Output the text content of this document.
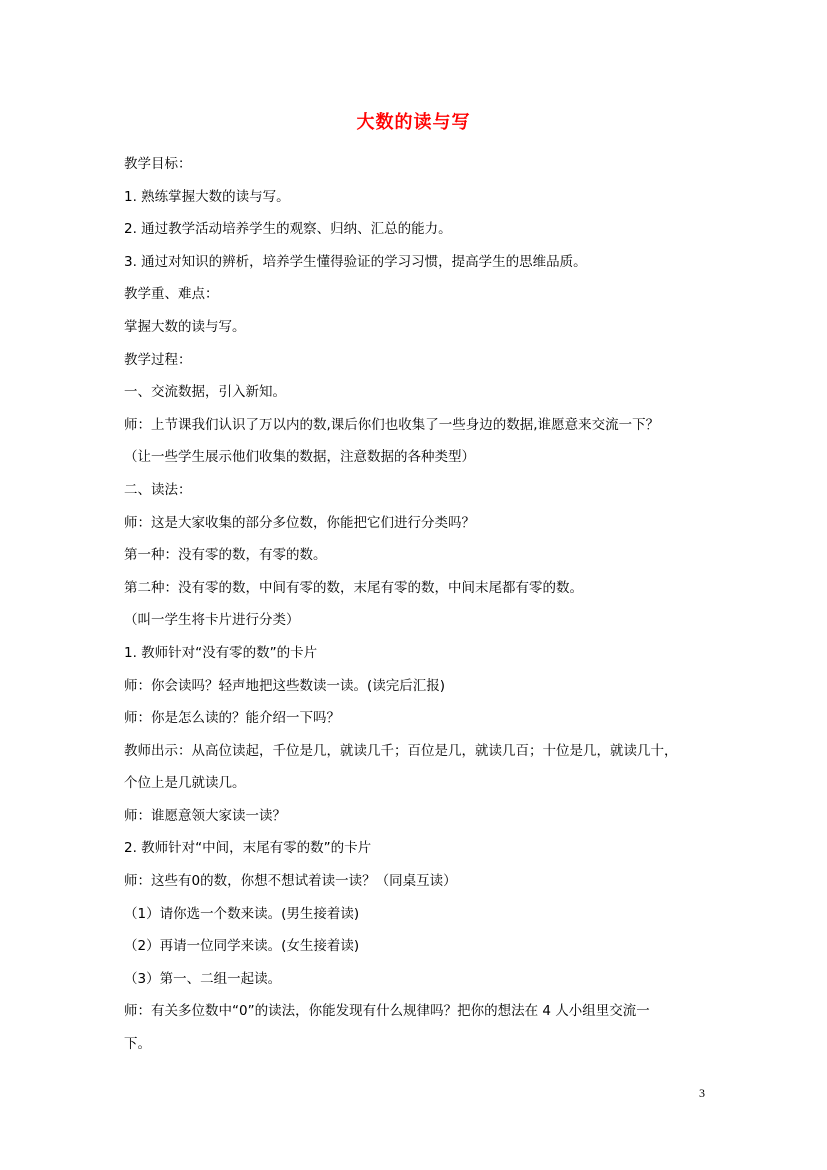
大数的读与写
教学目标：
1. 熟练掌握大数的读与写。
2. 通过教学活动培养学生的观察、归纳、汇总的能力。
3. 通过对知识的辨析，培养学生懂得验证的学习习惯，提高学生的思维品质。
教学重、难点：
掌握大数的读与写。
教学过程：
一、交流数据，引入新知。
师：上节课我们认识了万以内的数,课后你们也收集了一些身边的数据,谁愿意来交流一下？
（让一些学生展示他们收集的数据，注意数据的各种类型）
二、读法：
师：这是大家收集的部分多位数，你能把它们进行分类吗？
第一种：没有零的数，有零的数。
第二种：没有零的数，中间有零的数，末尾有零的数，中间末尾都有零的数。
（叫一学生将卡片进行分类）
1. 教师针对“没有零的数”的卡片
师：你会读吗？轻声地把这些数读一读。(读完后汇报)
师：你是怎么读的？能介绍一下吗？
教师出示：从高位读起，千位是几，就读几千；百位是几，就读几百；十位是几，就读几十，
个位上是几就读几。
师：谁愿意领大家读一读？
2. 教师针对“中间，末尾有零的数”的卡片
师：这些有0的数，你想不想试着读一读？（同桌互读）
（1）请你选一个数来读。(男生接着读)
（2）再请一位同学来读。(女生接着读)
（3）第一、二组一起读。
师：有关多位数中“0”的读法，你能发现有什么规律吗？把你的想法在 4 人小组里交流一
下。
3
